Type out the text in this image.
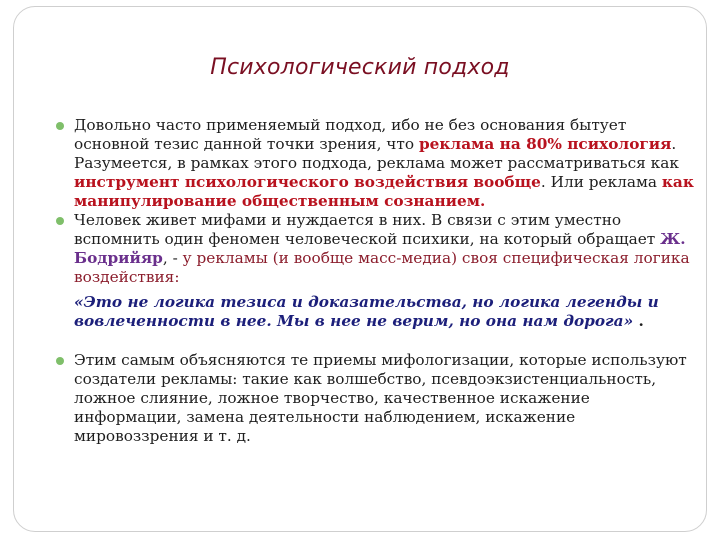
Психологический подход
Довольно часто применяемый подход, ибо не без основания бытует основной тезис данной точки зрения, что реклама на 80% психология. Разумеется, в рамках этого подхода, реклама может рассматриваться как инструмент психологического воздействия вообще. Или реклама как манипулирование общественным сознанием.
Человек живет мифами и нуждается в них. В связи с этим уместно вспомнить один феномен человеческой психики, на который обращает Ж. Бодрийяр, - у рекламы (и вообще масс-медиа) своя специфическая логика воздействия:
«Это не логика тезиса и доказательства, но логика легенды и вовлеченности в нее. Мы в нее не верим, но она нам дорога» .
Этим самым объясняются те приемы мифологизации, которые используют создатели рекламы: такие как волшебство, псевдоэкзистенциальность, ложное слияние, ложное творчество, качественное искажение информации, замена деятельности наблюдением, искажение мировоззрения и т. д.
